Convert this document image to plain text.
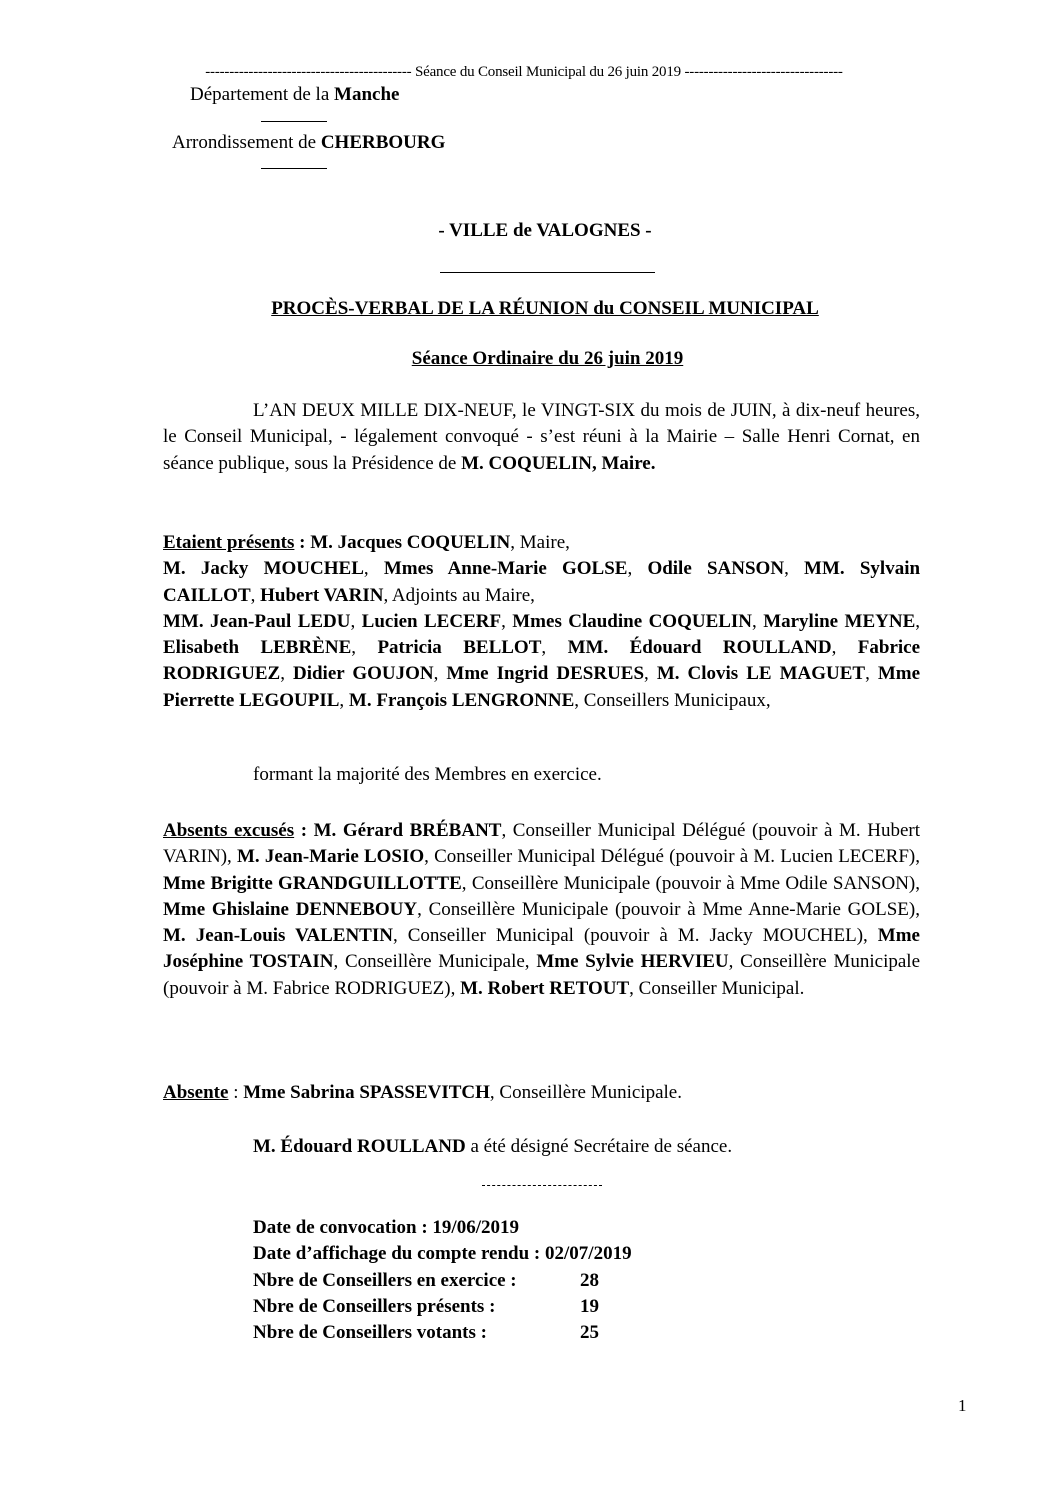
------------------------------------------- Séance du Conseil Municipal du 26 juin 2019 ---------------------------------
Département de la Manche
Arrondissement de CHERBOURG
- VILLE de VALOGNES -
PROCÈS-VERBAL DE LA RÉUNION du CONSEIL MUNICIPAL
Séance Ordinaire du 26 juin 2019
L’AN DEUX MILLE DIX-NEUF, le VINGT-SIX du mois de JUIN, à dix-neuf heures, le Conseil Municipal, - légalement convoqué - s’est réuni à la Mairie – Salle Henri Cornat, en séance publique, sous la Présidence de M. COQUELIN, Maire.
Etaient présents : M. Jacques COQUELIN, Maire,
M. Jacky MOUCHEL, Mmes Anne-Marie GOLSE, Odile SANSON, MM. Sylvain CAILLOT, Hubert VARIN, Adjoints au Maire,
MM. Jean-Paul LEDU, Lucien LECERF, Mmes Claudine COQUELIN, Maryline MEYNE, Elisabeth LEBRÈNE, Patricia BELLOT, MM. Édouard ROULLAND, Fabrice RODRIGUEZ, Didier GOUJON, Mme Ingrid DESRUES, M. Clovis LE MAGUET, Mme Pierrette LEGOUPIL, M. François LENGRONNE, Conseillers Municipaux,
formant la majorité des Membres en exercice.
Absents excusés : M. Gérard BRÉBANT, Conseiller Municipal Délégué (pouvoir à M. Hubert VARIN), M. Jean-Marie LOSIO, Conseiller Municipal Délégué (pouvoir à M. Lucien LECERF), Mme Brigitte GRANDGUILLOTTE, Conseillère Municipale (pouvoir à Mme Odile SANSON), Mme Ghislaine DENNEBOUY, Conseillère Municipale (pouvoir à Mme Anne-Marie GOLSE), M. Jean-Louis VALENTIN, Conseiller Municipal (pouvoir à M. Jacky MOUCHEL), Mme Joséphine TOSTAIN, Conseillère Municipale, Mme Sylvie HERVIEU, Conseillère Municipale (pouvoir à M. Fabrice RODRIGUEZ), M. Robert RETOUT, Conseiller Municipal.
Absente : Mme Sabrina SPASSEVITCH, Conseillère Municipale.
M. Édouard ROULLAND a été désigné Secrétaire de séance.
Date de convocation : 19/06/2019
Date d’affichage du compte rendu : 02/07/2019
Nbre de Conseillers en exercice :	28
Nbre de Conseillers présents :	19
Nbre de Conseillers votants :	25
1
